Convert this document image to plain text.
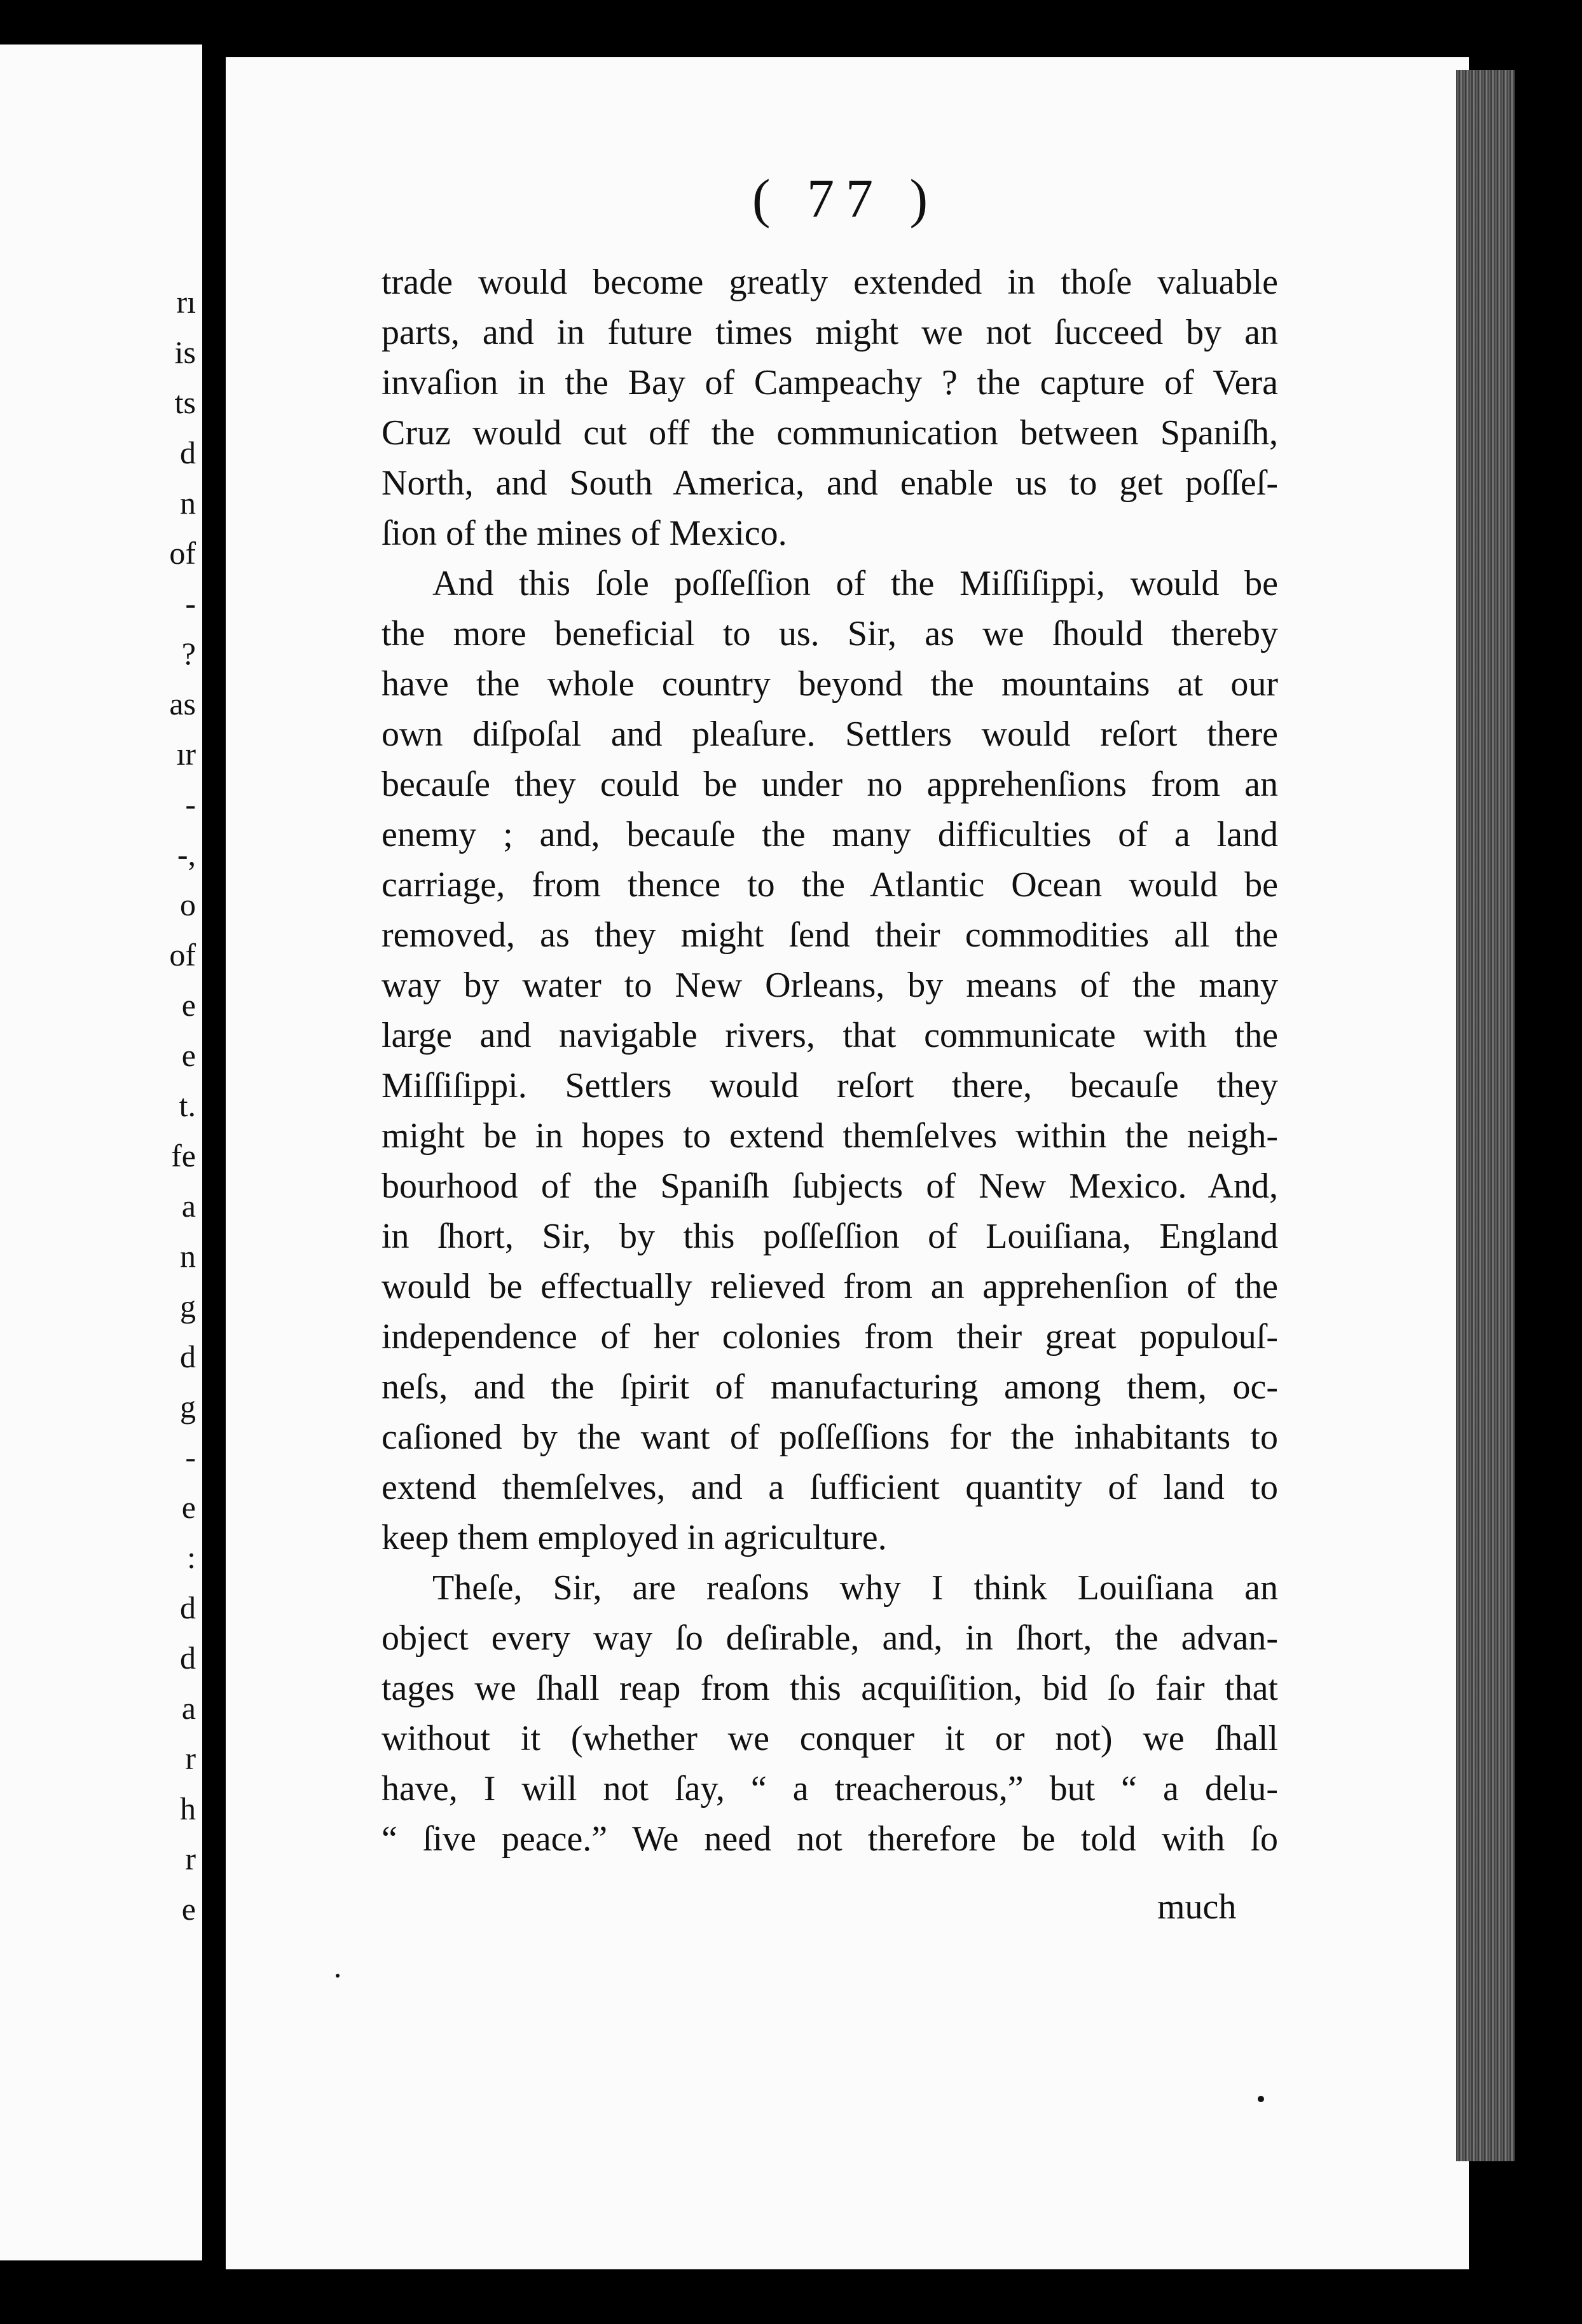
rı
is
ts
d
n
of
-
?
as
ır
-
-,
o
of
e
e
t.
fe
a
n
g
d
g
-
e
:
d
d
a
r
h
r
e
( 77 )
trade would become greatly extended in thoſe valuable
parts, and in future times might we not ſucceed by an
invaſion in the Bay of Campeachy ? the capture of Vera
Cruz would cut off the communication between Spaniſh,
North, and South America, and enable us to get poſſeſ-
ſion of the mines of Mexico.
And this ſole poſſeſſion of the Miſſiſippi, would be
the more beneficial to us. Sir, as we ſhould thereby
have the whole country beyond the mountains at our
own diſpoſal and pleaſure. Settlers would reſort there
becauſe they could be under no apprehenſions from an
enemy ; and, becauſe the many difficulties of a land
carriage, from thence to the Atlantic Ocean would be
removed, as they might ſend their commodities all the
way by water to New Orleans, by means of the many
large and navigable rivers, that communicate with the
Miſſiſippi. Settlers would reſort there, becauſe they
might be in hopes to extend themſelves within the neigh-
bourhood of the Spaniſh ſubjects of New Mexico. And,
in ſhort, Sir, by this poſſeſſion of Louiſiana, England
would be effectually relieved from an apprehenſion of the
independence of her colonies from their great populouſ-
neſs, and the ſpirit of manufacturing among them, oc-
caſioned by the want of poſſeſſions for the inhabitants to
extend themſelves, and a ſufficient quantity of land to
keep them employed in agriculture.
Theſe, Sir, are reaſons why I think Louiſiana an
object every way ſo deſirable, and, in ſhort, the advan-
tages we ſhall reap from this acquiſition, bid ſo fair that
without it (whether we conquer it or not) we ſhall
have, I will not ſay, “ a treacherous,” but “ a delu-
“ ſive peace.” We need not therefore be told with ſo
much
